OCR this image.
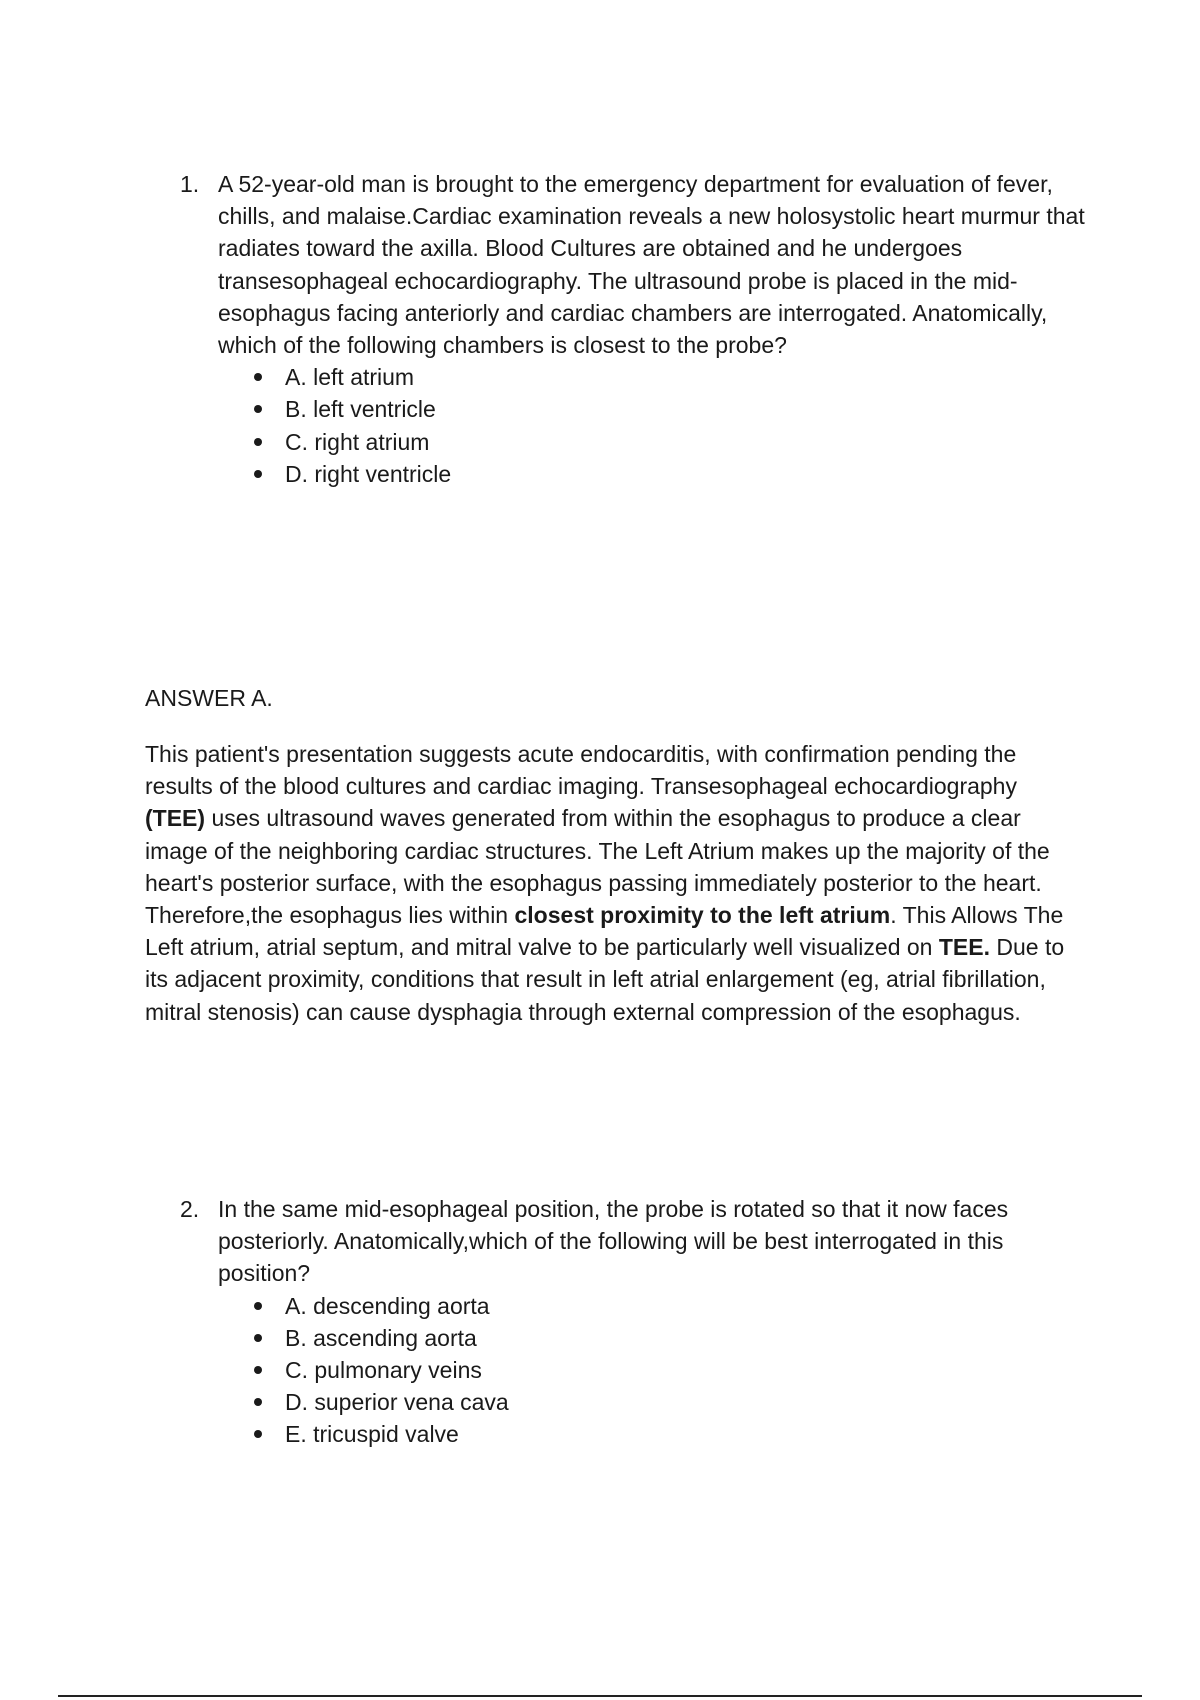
1. A 52-year-old man is brought to the emergency department for evaluation of fever, chills, and malaise.Cardiac examination reveals a new holosystolic heart murmur that radiates toward the axilla. Blood Cultures are obtained and he undergoes transesophageal echocardiography. The ultrasound probe is placed in the mid-esophagus facing anteriorly and cardiac chambers are interrogated. Anatomically, which of the following chambers is closest to the probe?
A. left atrium
B. left ventricle
C. right atrium
D. right ventricle
ANSWER A.

This patient's presentation suggests acute endocarditis, with confirmation pending the results of the blood cultures and cardiac imaging. Transesophageal echocardiography (TEE) uses ultrasound waves generated from within the esophagus to produce a clear image of the neighboring cardiac structures. The Left Atrium makes up the majority of the heart's posterior surface, with the esophagus passing immediately posterior to the heart. Therefore,the esophagus lies within closest proximity to the left atrium. This Allows The Left atrium, atrial septum, and mitral valve to be particularly well visualized on TEE. Due to its adjacent proximity, conditions that result in left atrial enlargement (eg, atrial fibrillation, mitral stenosis) can cause dysphagia through external compression of the esophagus.

2. In the same mid-esophageal position, the probe is rotated so that it now faces posteriorly. Anatomically,which of the following will be best interrogated in this position?
A. descending aorta
B. ascending aorta
C. pulmonary veins
D. superior vena cava
E. tricuspid valve
